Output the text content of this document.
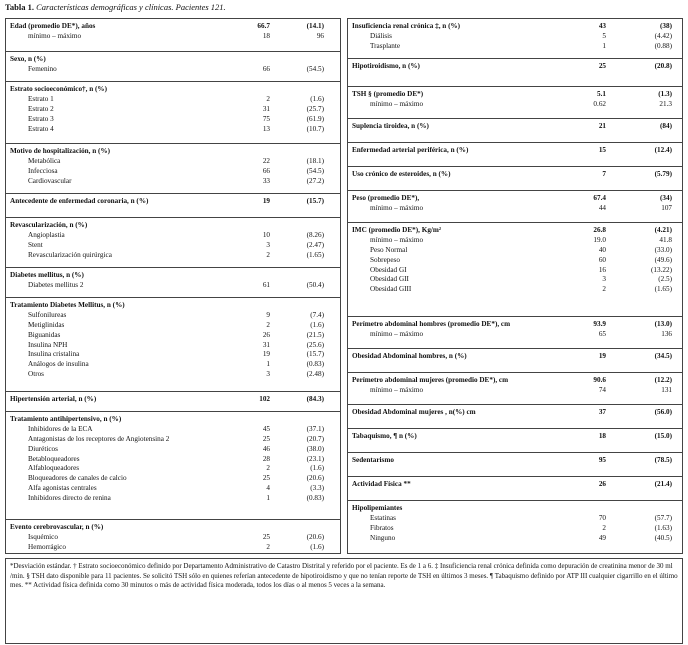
Tabla 1. Características demográficas y clínicas. Pacientes 121.
Edad (promedio DE*), años	66.7	(14.1)
mínimo – máximo	18	96
Sexo, n (%)
Femenino	66	(54.5)
Estrato socioeconómico†, n (%)
Estrato 1	2	(1.6)
Estrato 2	31	(25.7)
Estrato 3	75	(61.9)
Estrato 4	13	(10.7)
Motivo de hospitalización, n (%)
Metabólica	22	(18.1)
Infecciosa	66	(54.5)
Cardiovascular	33	(27.2)
Antecedente de enfermedad coronaria, n (%)	19	(15.7)
Revascularización, n (%)
Angioplastia	10	(8.26)
Stent	3	(2.47)
Revascularización quirúrgica	2	(1.65)
Diabetes mellitus, n (%)
Diabetes mellitus 2	61	(50.4)
Tratamiento Diabetes Mellitus, n (%)
Sulfonilureas	9	(7.4)
Metiglinidas	2	(1.6)
Biguanidas	26	(21.5)
Insulina NPH	31	(25.6)
Insulina cristalina	19	(15.7)
Análogos de insulina	1	(0.83)
Otros	3	(2.48)
Hipertensión arterial, n (%)	102	(84.3)
Tratamiento antihipertensivo, n (%)
Inhibidores de la ECA	45	(37.1)
Antagonistas de los receptores de Angiotensina 2	25	(20.7)
Diuréticos	46	(38.0)
Betabloqueadores	28	(23.1)
Alfabloqueadores	2	(1.6)
Bloqueadores de canales de calcio	25	(20.6)
Alfa agonistas centrales	4	(3.3)
Inhibidores directo de renina	1	(0.83)
Evento cerebrovascular, n (%)
Isquémico	25	(20.6)
Hemorrágico	2	(1.6)
Insuficiencia renal crónica ‡, n (%)	43	(38)
Diálisis	5	(4.42)
Trasplante	1	(0.88)
Hipotiroidismo, n (%)	25	(20.8)
TSH § (promedio DE*)	5.1	(1.3)
mínimo – máximo	0.62	21.3
Suplencia tiroidea, n (%)	21	(84)
Enfermedad arterial periférica, n (%)	15	(12.4)
Uso crónico de esteroides, n (%)	7	(5.79)
Peso (promedio DE*),	67.4	(34)
mínimo – máximo	44	107
IMC (promedio DE*), Kg/m²	26.8	(4.21)
mínimo – máximo	19.0	41.8
Peso Normal	40	(33.0)
Sobrepeso	60	(49.6)
Obesidad GI	16	(13.22)
Obesidad GII	3	(2.5)
Obesidad GIII	2	(1.65)
Perímetro abdominal hombres (promedio DE*), cm	93.9	(13.0)
mínimo – máximo	65	136
Obesidad Abdominal hombres, n (%)	19	(34.5)
Perímetro abdominal mujeres (promedio DE*), cm	90.6	(12.2)
mínimo – máximo	74	131
Obesidad Abdominal mujeres , n(%) cm	37	(56.0)
Tabaquismo, ¶ n (%)	18	(15.0)
Sedentarismo	95	(78.5)
Actividad Física **	26	(21.4)
Hipolipemiantes
Estatinas	70	(57.7)
Fibratos	2	(1.63)
Ninguno	49	(40.5)
*Desviación estándar. † Estrato socioeconómico definido por Departamento Administrativo de Catastro Distrital y referido por el paciente. Es de 1 a 6. ‡ Insuficiencia renal crónica definida como depuración de creatinina menor de 30 ml /min. § TSH dato disponible para 11 pacientes. Se solicitó TSH sólo en quienes referían antecedente de hipotiroidismo y que no tenían reporte de TSH en últimos 3 meses. ¶ Tabaquismo definido por ATP III cualquier cigarrillo en el último mes. ** Actividad física definida como 30 minutos o más de actividad física moderada, todos los días o al menos 5 veces a la semana.
